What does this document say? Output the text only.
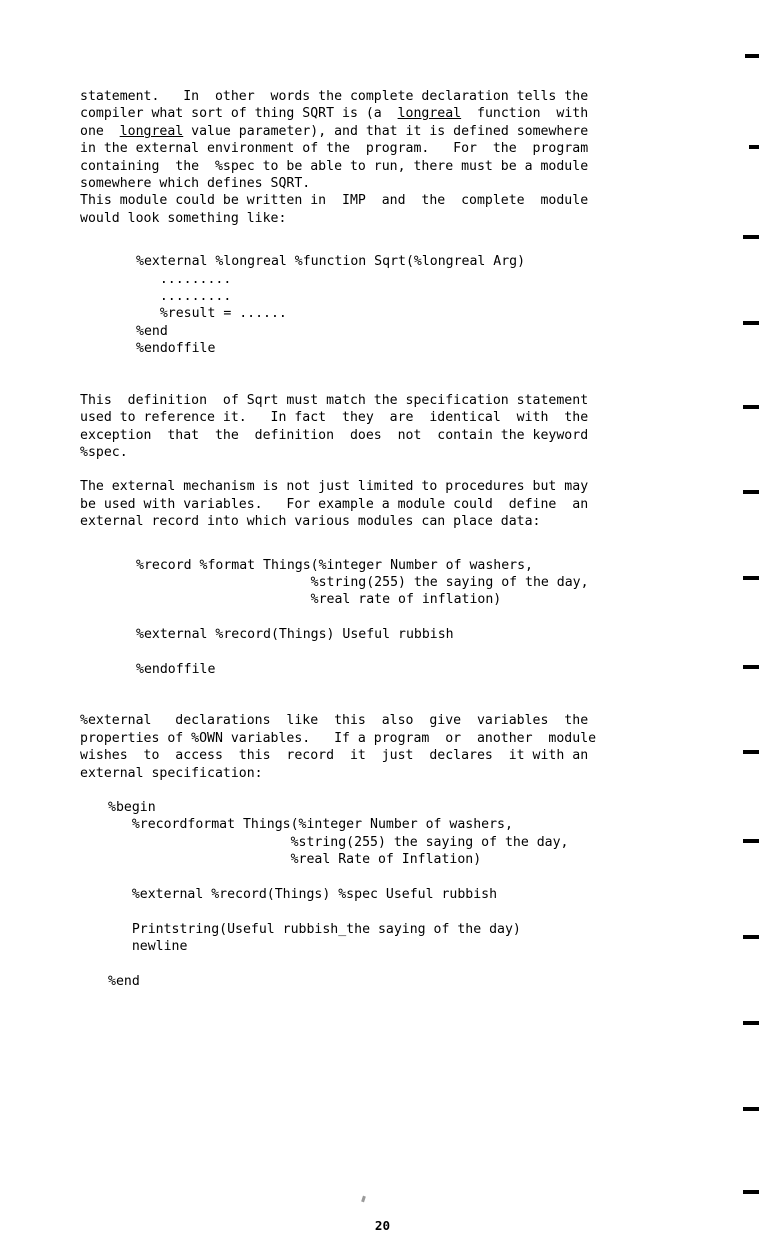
statement.   In  other  words the complete declaration tells the
compiler what sort of thing SQRT is (a  longreal  function  with
one  longreal value parameter), and that it is defined somewhere
in the external environment of the  program.   For  the  program
containing  the  %spec to be able to run, there must be a module
somewhere which defines SQRT.
This module could be written in  IMP  and  the  complete  module
would look something like:
%external %longreal %function Sqrt(%longreal Arg)
.........
.........
%result = ......
%end
%endoffile
This  definition  of Sqrt must match the specification statement
used to reference it.   In fact  they  are  identical  with  the
exception  that  the  definition  does  not  contain the keyword
%spec.
The external mechanism is not just limited to procedures but may
be used with variables.   For example a module could  define  an
external record into which various modules can place data:
%record %format Things(%integer Number of washers,
%string(255) the saying of the day,
%real rate of inflation)

%external %record(Things) Useful rubbish

%endoffile
%external   declarations  like  this  also  give  variables  the
properties of %OWN variables.   If a program  or  another  module
wishes  to  access  this  record  it  just  declares  it with an
external specification:
%begin
%recordformat Things(%integer Number of washers,
%string(255) the saying of the day,
%real Rate of Inflation)

%external %record(Things) %spec Useful rubbish

Printstring(Useful rubbish_the saying of the day)
newline

%end
20
